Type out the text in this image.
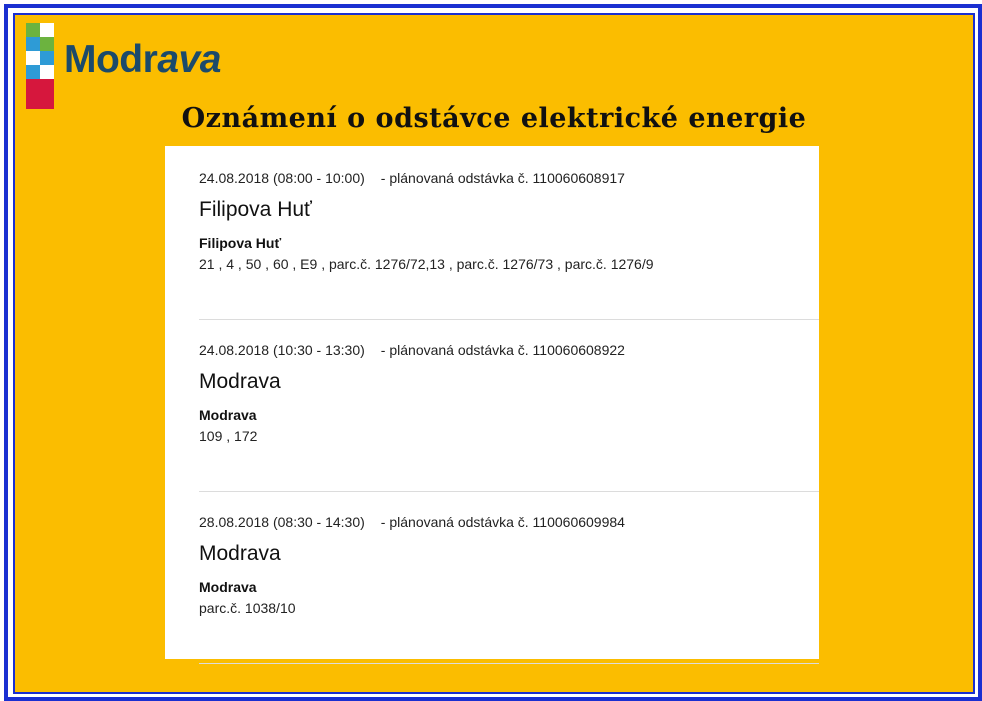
Modrava
Oznámení o odstávce elektrické energie
24.08.2018 (08:00 - 10:00) - plánovaná odstávka č. 110060608917
Filipova Huť
Filipova Huť
21 , 4 , 50 , 60 , E9 , parc.č. 1276/72,13 , parc.č. 1276/73 , parc.č. 1276/9
24.08.2018 (10:30 - 13:30) - plánovaná odstávka č. 110060608922
Modrava
Modrava
109 , 172
28.08.2018 (08:30 - 14:30) - plánovaná odstávka č. 110060609984
Modrava
Modrava
parc.č. 1038/10
